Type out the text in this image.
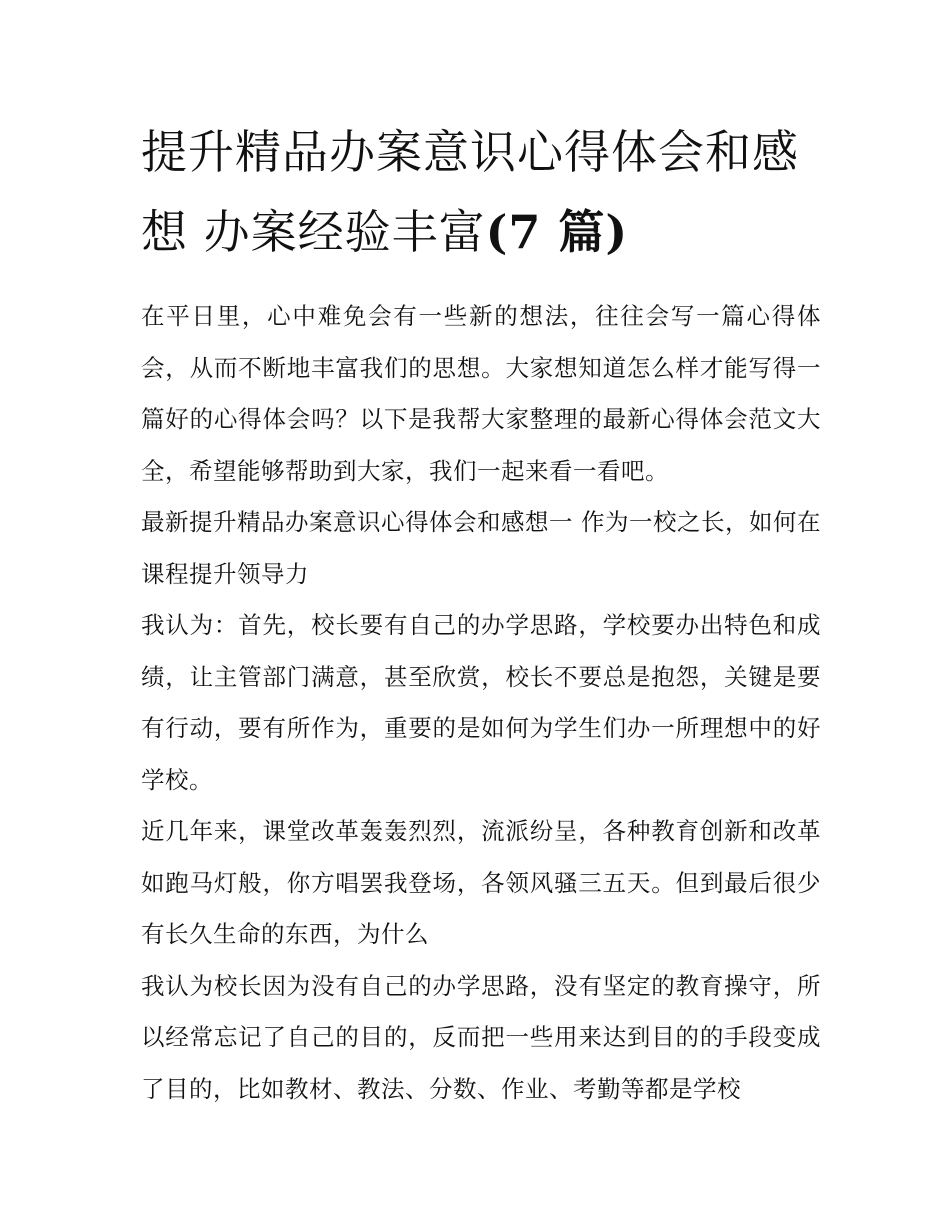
提升精品办案意识心得体会和感想 办案经验丰富(7 篇)

在平日里，心中难免会有一些新的想法，往往会写一篇心得体会，从而不断地丰富我们的思想。大家想知道怎么样才能写得一篇好的心得体会吗？以下是我帮大家整理的最新心得体会范文大全，希望能够帮助到大家，我们一起来看一看吧。

最新提升精品办案意识心得体会和感想一 作为一校之长，如何在课程提升领导力

我认为：首先，校长要有自己的办学思路，学校要办出特色和成绩，让主管部门满意，甚至欣赏，校长不要总是抱怨，关键是要有行动，要有所作为，重要的是如何为学生们办一所理想中的好学校。

近几年来，课堂改革轰轰烈烈，流派纷呈，各种教育创新和改革如跑马灯般，你方唱罢我登场，各领风骚三五天。但到最后很少有长久生命的东西，为什么

我认为校长因为没有自己的办学思路，没有坚定的教育操守，所以经常忘记了自己的目的，反而把一些用来达到目的的手段变成了目的，比如教材、教法、分数、作业、考勤等都是学校
